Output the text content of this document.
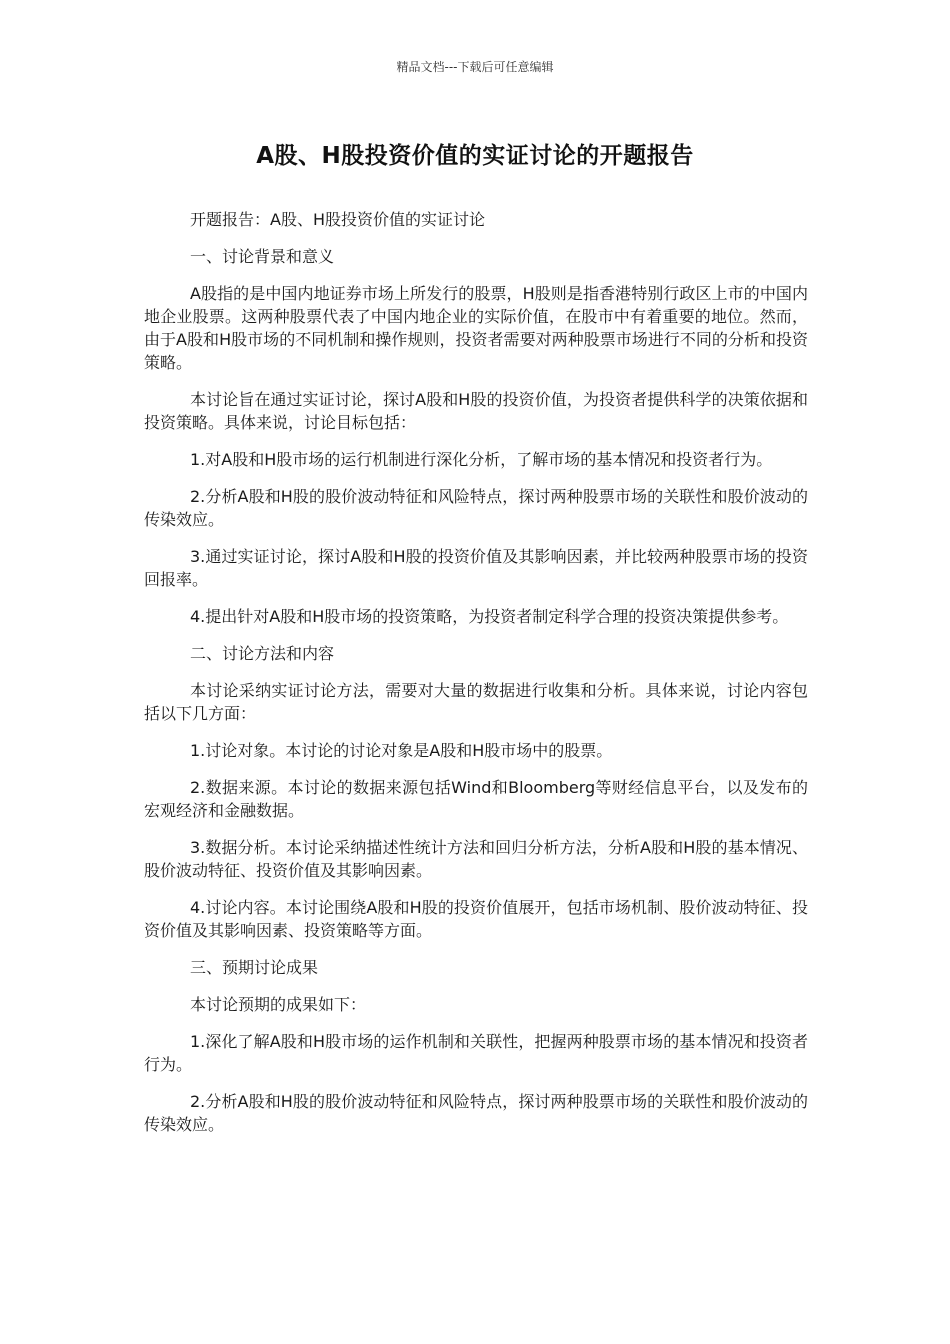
精品文档---下载后可任意编辑
A股、H股投资价值的实证讨论的开题报告

开题报告：A股、H股投资价值的实证讨论

一、讨论背景和意义

A股指的是中国内地证券市场上所发行的股票，H股则是指香港特别行政区上市的中国内地企业股票。这两种股票代表了中国内地企业的实际价值，在股市中有着重要的地位。然而，由于A股和H股市场的不同机制和操作规则，投资者需要对两种股票市场进行不同的分析和投资策略。

本讨论旨在通过实证讨论，探讨A股和H股的投资价值，为投资者提供科学的决策依据和投资策略。具体来说，讨论目标包括：

1.对A股和H股市场的运行机制进行深化分析，了解市场的基本情况和投资者行为。

2.分析A股和H股的股价波动特征和风险特点，探讨两种股票市场的关联性和股价波动的传染效应。

3.通过实证讨论，探讨A股和H股的投资价值及其影响因素，并比较两种股票市场的投资回报率。

4.提出针对A股和H股市场的投资策略，为投资者制定科学合理的投资决策提供参考。

二、讨论方法和内容

本讨论采纳实证讨论方法，需要对大量的数据进行收集和分析。具体来说，讨论内容包括以下几方面：

1.讨论对象。本讨论的讨论对象是A股和H股市场中的股票。

2.数据来源。本讨论的数据来源包括Wind和Bloomberg等财经信息平台，以及发布的宏观经济和金融数据。

3.数据分析。本讨论采纳描述性统计方法和回归分析方法，分析A股和H股的基本情况、股价波动特征、投资价值及其影响因素。

4.讨论内容。本讨论围绕A股和H股的投资价值展开，包括市场机制、股价波动特征、投资价值及其影响因素、投资策略等方面。

三、预期讨论成果

本讨论预期的成果如下：

1.深化了解A股和H股市场的运作机制和关联性，把握两种股票市场的基本情况和投资者行为。

2.分析A股和H股的股价波动特征和风险特点，探讨两种股票市场的关联性和股价波动的传染效应。
